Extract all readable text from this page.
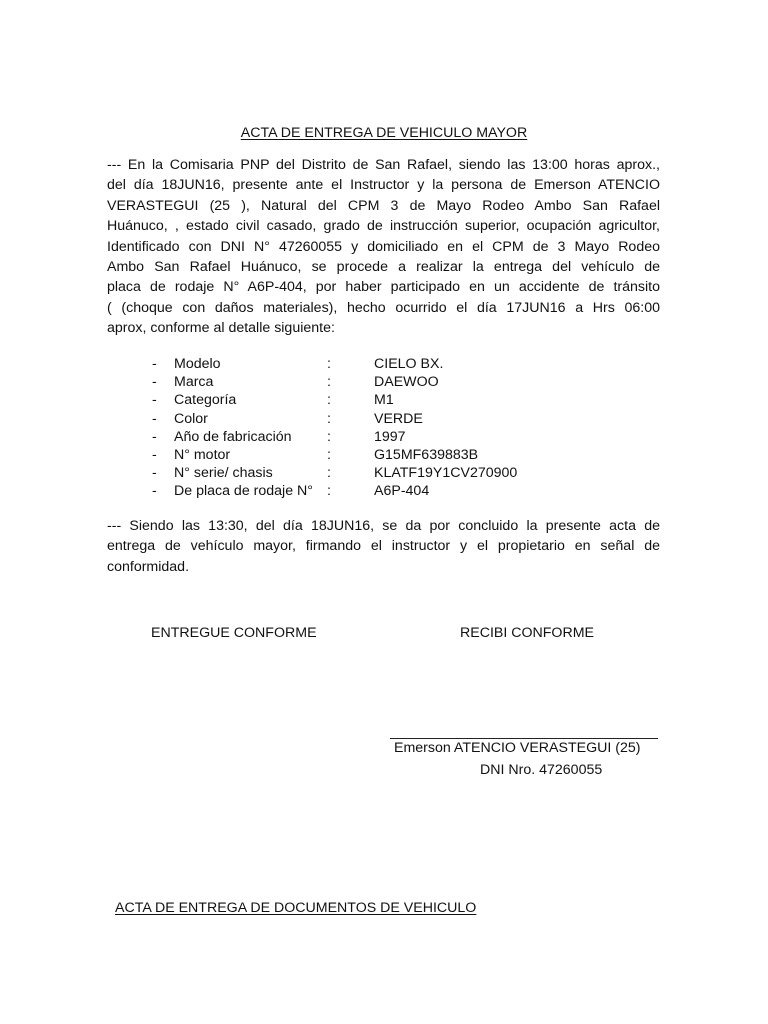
ACTA DE ENTREGA DE VEHICULO MAYOR
--- En la Comisaria PNP del Distrito de San Rafael, siendo las 13:00 horas aprox.,
del día 18JUN16, presente ante el Instructor y la persona de Emerson ATENCIO
VERASTEGUI (25 ), Natural del CPM 3 de Mayo Rodeo Ambo San Rafael
Huánuco, , estado civil casado, grado de instrucción superior, ocupación agricultor,
Identificado con DNI N° 47260055 y domiciliado en el CPM de 3 Mayo Rodeo
Ambo San Rafael Huánuco, se procede a realizar la entrega del vehículo de
placa de rodaje N° A6P-404, por haber participado en un accidente de tránsito
( (choque con daños materiales), hecho ocurrido el día 17JUN16 a Hrs 06:00
aprox, conforme al detalle siguiente:
- Modelo	:	CIELO BX.
- Marca	:	DAEWOO
- Categoría	:	M1
- Color	:	VERDE
- Año de fabricación :	1997
- N° motor	:	G15MF639883B
- N° serie/ chasis	:	KLATF19Y1CV270900
- De placa de rodaje N° :	A6P-404
--- Siendo las 13:30, del día 18JUN16, se da por concluido la presente acta de
entrega de vehículo mayor, firmando el instructor y el propietario en señal de
conformidad.
ENTREGUE CONFORME	RECIBI CONFORME
Emerson ATENCIO VERASTEGUI (25)
DNI Nro. 47260055
ACTA DE ENTREGA DE DOCUMENTOS DE VEHICULO
